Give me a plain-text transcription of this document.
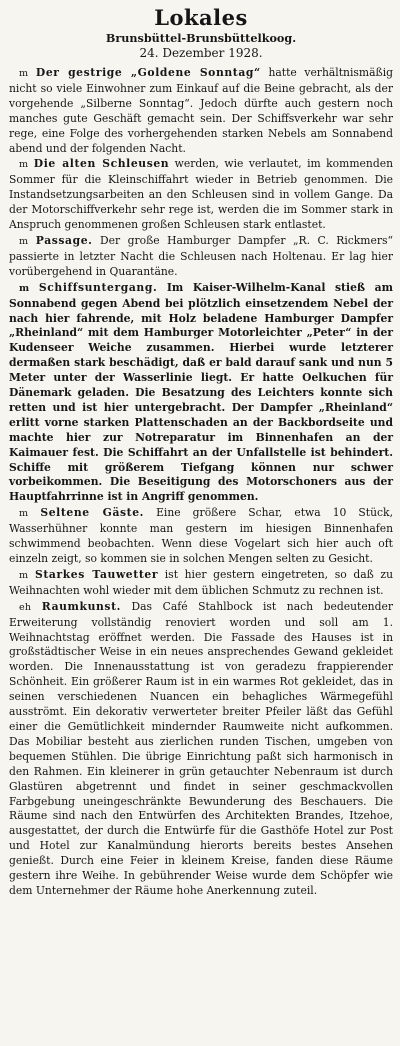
Lokales
Brunsbüttel-Brunsbüttelkoog.
24. Dezember 1928.

m Der gestrige „Goldene Sonntag“ hatte verhältnismäßig nicht so viele Einwohner zum Einkauf auf die Beine gebracht, als der vorgehende „Silberne Sonntag“. Jedoch dürfte auch gestern noch manches gute Geschäft gemacht sein. Der Schiffsverkehr war sehr rege, eine Folge des vorhergehenden starken Nebels am Sonnabend abend und der folgenden Nacht.

m Die alten Schleusen werden, wie verlautet, im kommenden Sommer für die Kleinschiffahrt wieder in Betrieb genommen. Die Instandsetzungsarbeiten an den Schleusen sind in vollem Gange. Da der Motorschiffverkehr sehr rege ist, werden die im Sommer stark in Anspruch genommenen großen Schleusen stark entlastet.

m Passage. Der große Hamburger Dampfer „R. C. Rickmers“ passierte in letzter Nacht die Schleusen nach Holtenau. Er lag hier vorübergehend in Quarantäne.

m Schiffsuntergang. Im Kaiser-Wilhelm-Kanal stieß am Sonnabend gegen Abend bei plötzlich einsetzendem Nebel der nach hier fahrende, mit Holz beladene Hamburger Dampfer „Rheinland“ mit dem Hamburger Motorleichter „Peter“ in der Kudenseer Weiche zusammen. Hierbei wurde letzterer dermaßen stark beschädigt, daß er bald darauf sank und nun 5 Meter unter der Wasserlinie liegt. Er hatte Oelkuchen für Dänemark geladen. Die Besatzung des Leichters konnte sich retten und ist hier untergebracht. Der Dampfer „Rheinland“ erlitt vorne starken Plattenschaden an der Backbordseite und machte hier zur Notreparatur im Binnenhafen an der Kaimauer fest. Die Schiffahrt an der Unfallstelle ist behindert. Schiffe mit größerem Tiefgang können nur schwer vorbeikommen. Die Beseitigung des Motorschoners aus der Hauptfahrrinne ist in Angriff genommen.

m Seltene Gäste. Eine größere Schar, etwa 10 Stück, Wasserhühner konnte man gestern im hiesigen Binnenhafen schwimmend beobachten. Wenn diese Vogelart sich hier auch oft einzeln zeigt, so kommen sie in solchen Mengen selten zu Gesicht.

m Starkes Tauwetter ist hier gestern eingetreten, so daß zu Weihnachten wohl wieder mit dem üblichen Schmutz zu rechnen ist.

eh Raumkunst. Das Café Stahlbock ist nach bedeutender Erweiterung vollständig renoviert worden und soll am 1. Weihnachtstag eröffnet werden. Die Fassade des Hauses ist in großstädtischer Weise in ein neues ansprechendes Gewand gekleidet worden. Die Innenausstattung ist von geradezu frappierender Schönheit. Ein größerer Raum ist in ein warmes Rot gekleidet, das in seinen verschiedenen Nuancen ein behagliches Wärmegefühl ausströmt. Ein dekorativ verwerteter breiter Pfeiler läßt das Gefühl einer die Gemütlichkeit mindernder Raumweite nicht aufkommen. Das Mobiliar besteht aus zierlichen runden Tischen, umgeben von bequemen Stühlen. Die übrige Einrichtung paßt sich harmonisch in den Rahmen. Ein kleinerer in grün getauchter Nebenraum ist durch Glastüren abgetrennt und findet in seiner geschmackvollen Farbgebung uneingeschränkte Bewunderung des Beschauers. Die Räume sind nach den Entwürfen des Architekten Brandes, Itzehoe, ausgestattet, der durch die Entwürfe für die Gasthöfe Hotel zur Post und Hotel zur Kanalmündung hierorts bereits bestes Ansehen genießt. Durch eine Feier in kleinem Kreise, fanden diese Räume gestern ihre Weihe. In gebührender Weise wurde dem Schöpfer wie dem Unternehmer der Räume hohe Anerkennung zuteil.
